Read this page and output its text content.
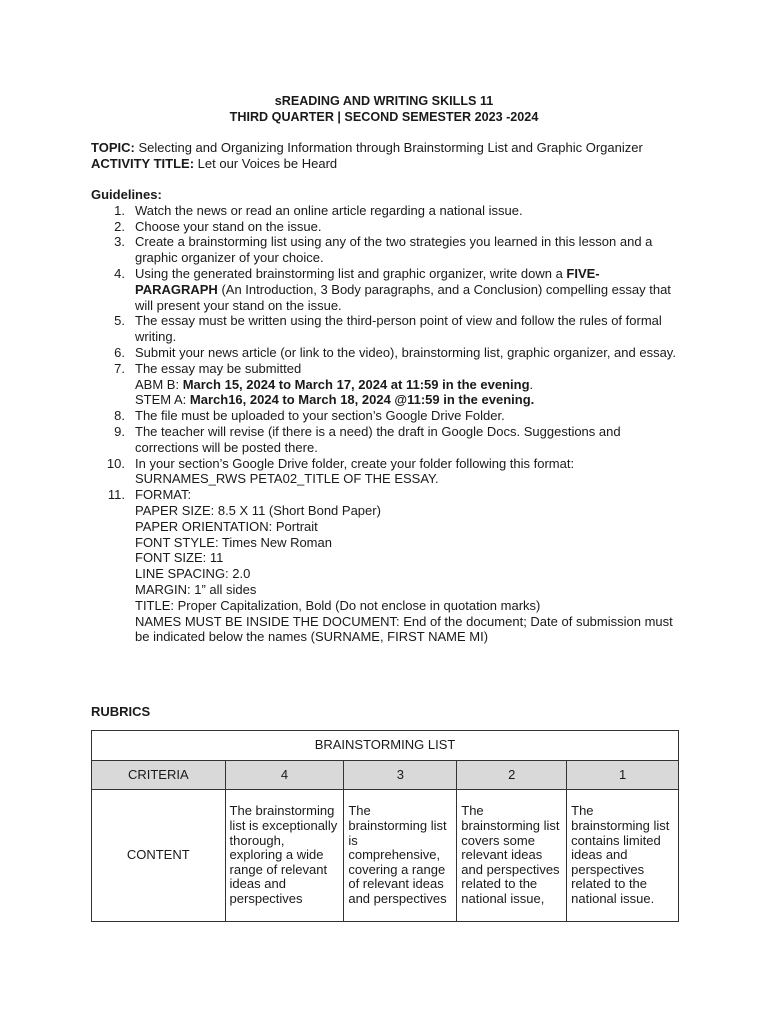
sREADING AND WRITING SKILLS 11
THIRD QUARTER | SECOND SEMESTER 2023 -2024
TOPIC: Selecting and Organizing Information through Brainstorming List and Graphic Organizer
ACTIVITY TITLE: Let our Voices be Heard
Guidelines:
1. Watch the news or read an online article regarding a national issue.
2. Choose your stand on the issue.
3. Create a brainstorming list using any of the two strategies you learned in this lesson and a graphic organizer of your choice.
4. Using the generated brainstorming list and graphic organizer, write down a FIVE-PARAGRAPH (An Introduction, 3 Body paragraphs, and a Conclusion) compelling essay that will present your stand on the issue.
5. The essay must be written using the third-person point of view and follow the rules of formal writing.
6. Submit your news article (or link to the video), brainstorming list, graphic organizer, and essay.
7. The essay may be submitted
ABM B: March 15, 2024 to March 17, 2024 at 11:59 in the evening.
STEM A: March16, 2024 to March 18, 2024 @11:59 in the evening.
8. The file must be uploaded to your section’s Google Drive Folder.
9. The teacher will revise (if there is a need) the draft in Google Docs. Suggestions and corrections will be posted there.
10. In your section’s Google Drive folder, create your folder following this format:
SURNAMES_RWS PETA02_TITLE OF THE ESSAY.
11. FORMAT:
PAPER SIZE: 8.5 X 11 (Short Bond Paper)
PAPER ORIENTATION: Portrait
FONT STYLE: Times New Roman
FONT SIZE: 11
LINE SPACING: 2.0
MARGIN: 1” all sides
TITLE: Proper Capitalization, Bold (Do not enclose in quotation marks)
NAMES MUST BE INSIDE THE DOCUMENT: End of the document; Date of submission must be indicated below the names (SURNAME, FIRST NAME MI)
RUBRICS
BRAINSTORMING LIST				
CRITERIA	4	3	2	1
CONTENT	The brainstorming list is exceptionally thorough, exploring a wide range of relevant ideas and perspectives	The brainstorming list is comprehensive, covering a range of relevant ideas and perspectives	The brainstorming list covers some relevant ideas and perspectives related to the national issue,	The brainstorming list contains limited ideas and perspectives related to the national issue.
